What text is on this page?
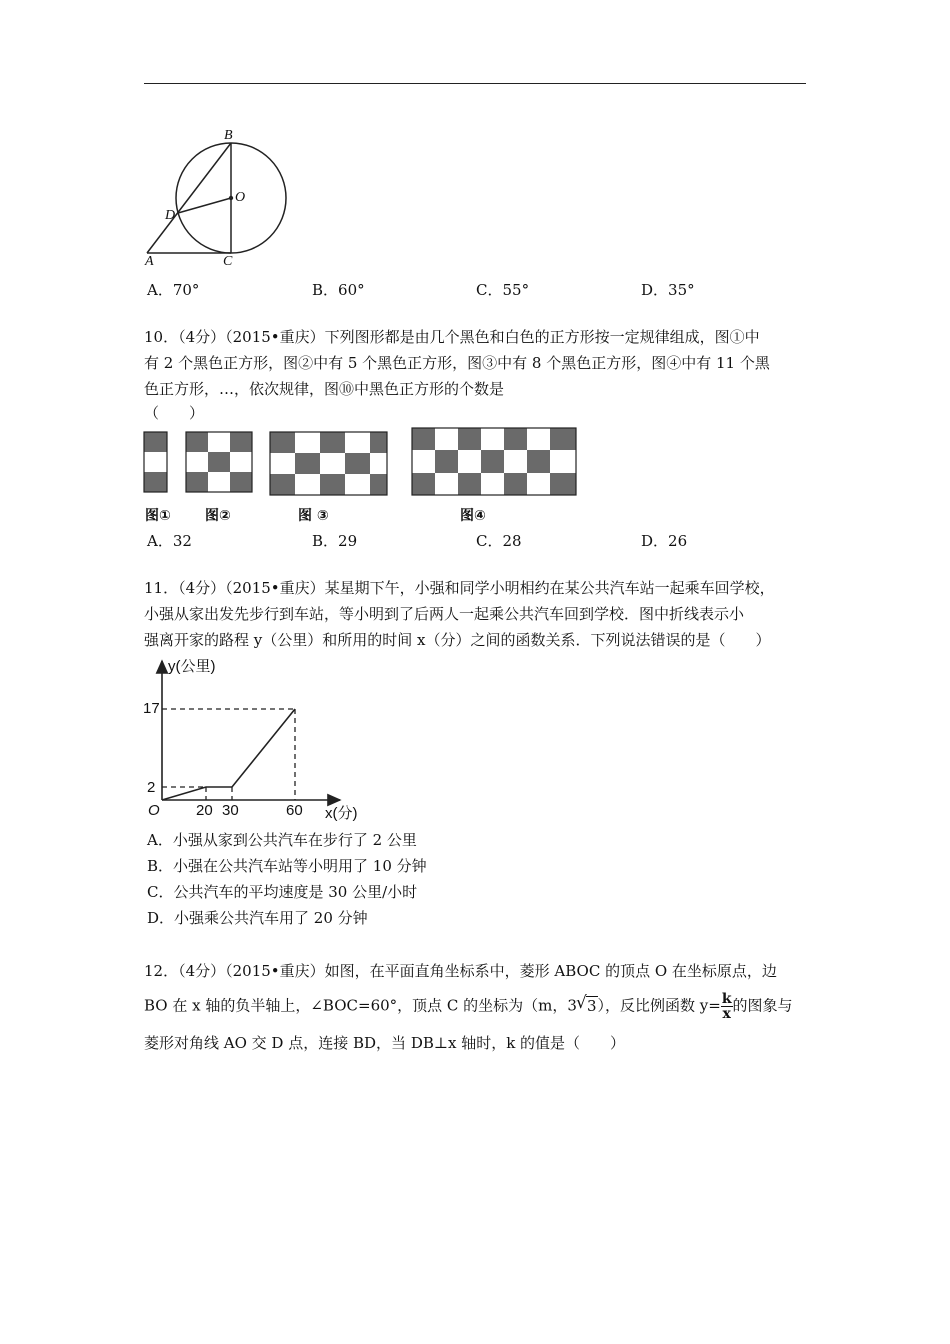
B
O
D
A	C
A．70°	B．60°	C．55°	D．35°
10．（4分）（2015•重庆）下列图形都是由几个黑色和白色的正方形按一定规律组成，图①中
有 2 个黑色正方形，图②中有 5 个黑色正方形，图③中有 8 个黑色正方形，图④中有 11 个黑
色正方形，…，依次规律，图⑩中黑色正方形的个数是
（　　）
图① 图②	图 ③	图④
A．32	B．29	C．28	D．26
11．（4分）（2015•重庆）某星期下午，小强和同学小明相约在某公共汽车站一起乘车回学校，
小强从家出发先步行到车站，等小明到了后两人一起乘公共汽车回到学校．图中折线表示小
强离开家的路程 y（公里）和所用的时间 x（分）之间的函数关系．下列说法错误的是（　　）
y(公里)
17
2
O 20 30	60 x(分)
A．小强从家到公共汽车在步行了 2 公里
B．小强在公共汽车站等小明用了 10 分钟
C．公共汽车的平均速度是 30 公里/小时
D．小强乘公共汽车用了 20 分钟
12．（4分）（2015•重庆）如图，在平面直角坐标系中，菱形 ABOC 的顶点 O 在坐标原点，边
BO 在 x 轴的负半轴上，∠BOC=60°，顶点 C 的坐标为（m，3√ 3），反比例函数 $y= \frac{k}{x}$ 的图象与
菱形对角线 AO 交 D 点，连接 BD，当 DB⊥x 轴时，k 的值是（　　）
